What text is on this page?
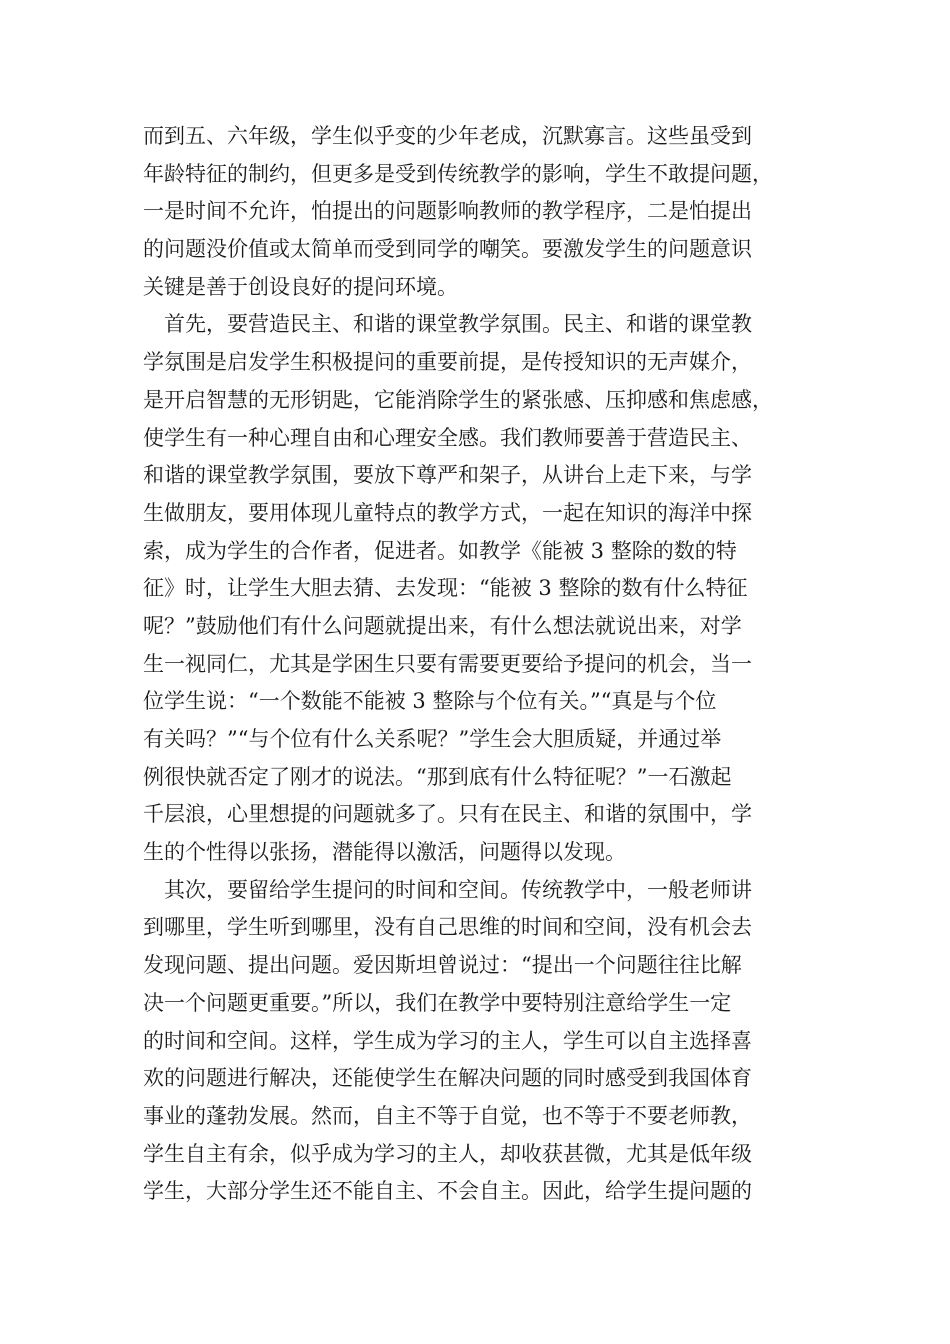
而到五、六年级，学生似乎变的少年老成，沉默寡言。这些虽受到
年龄特征的制约，但更多是受到传统教学的影响，学生不敢提问题，
一是时间不允许，怕提出的问题影响教师的教学程序，二是怕提出
的问题没价值或太简单而受到同学的嘲笑。要激发学生的问题意识
关键是善于创设良好的提问环境。
首先，要营造民主、和谐的课堂教学氛围。民主、和谐的课堂教
学氛围是启发学生积极提问的重要前提，是传授知识的无声媒介，
是开启智慧的无形钥匙，它能消除学生的紧张感、压抑感和焦虑感，
使学生有一种心理自由和心理安全感。我们教师要善于营造民主、
和谐的课堂教学氛围，要放下尊严和架子，从讲台上走下来，与学
生做朋友，要用体现儿童特点的教学方式，一起在知识的海洋中探
索，成为学生的合作者，促进者。如教学《能被 3 整除的数的特
征》时，让学生大胆去猜、去发现：“能被 3 整除的数有什么特征
呢？”鼓励他们有什么问题就提出来，有什么想法就说出来，对学
生一视同仁，尤其是学困生只要有需要更要给予提问的机会，当一
位学生说：“一个数能不能被 3 整除与个位有关。”“真是与个位
有关吗？”“与个位有什么关系呢？”学生会大胆质疑，并通过举
例很快就否定了刚才的说法。“那到底有什么特征呢？”一石激起
千层浪，心里想提的问题就多了。只有在民主、和谐的氛围中，学
生的个性得以张扬，潜能得以激活，问题得以发现。
其次，要留给学生提问的时间和空间。传统教学中，一般老师讲
到哪里，学生听到哪里，没有自己思维的时间和空间，没有机会去
发现问题、提出问题。爱因斯坦曾说过：“提出一个问题往往比解
决一个问题更重要。”所以，我们在教学中要特别注意给学生一定
的时间和空间。这样，学生成为学习的主人，学生可以自主选择喜
欢的问题进行解决，还能使学生在解决问题的同时感受到我国体育
事业的蓬勃发展。然而，自主不等于自觉，也不等于不要老师教，
学生自主有余，似乎成为学习的主人，却收获甚微，尤其是低年级
学生，大部分学生还不能自主、不会自主。因此，给学生提问题的
